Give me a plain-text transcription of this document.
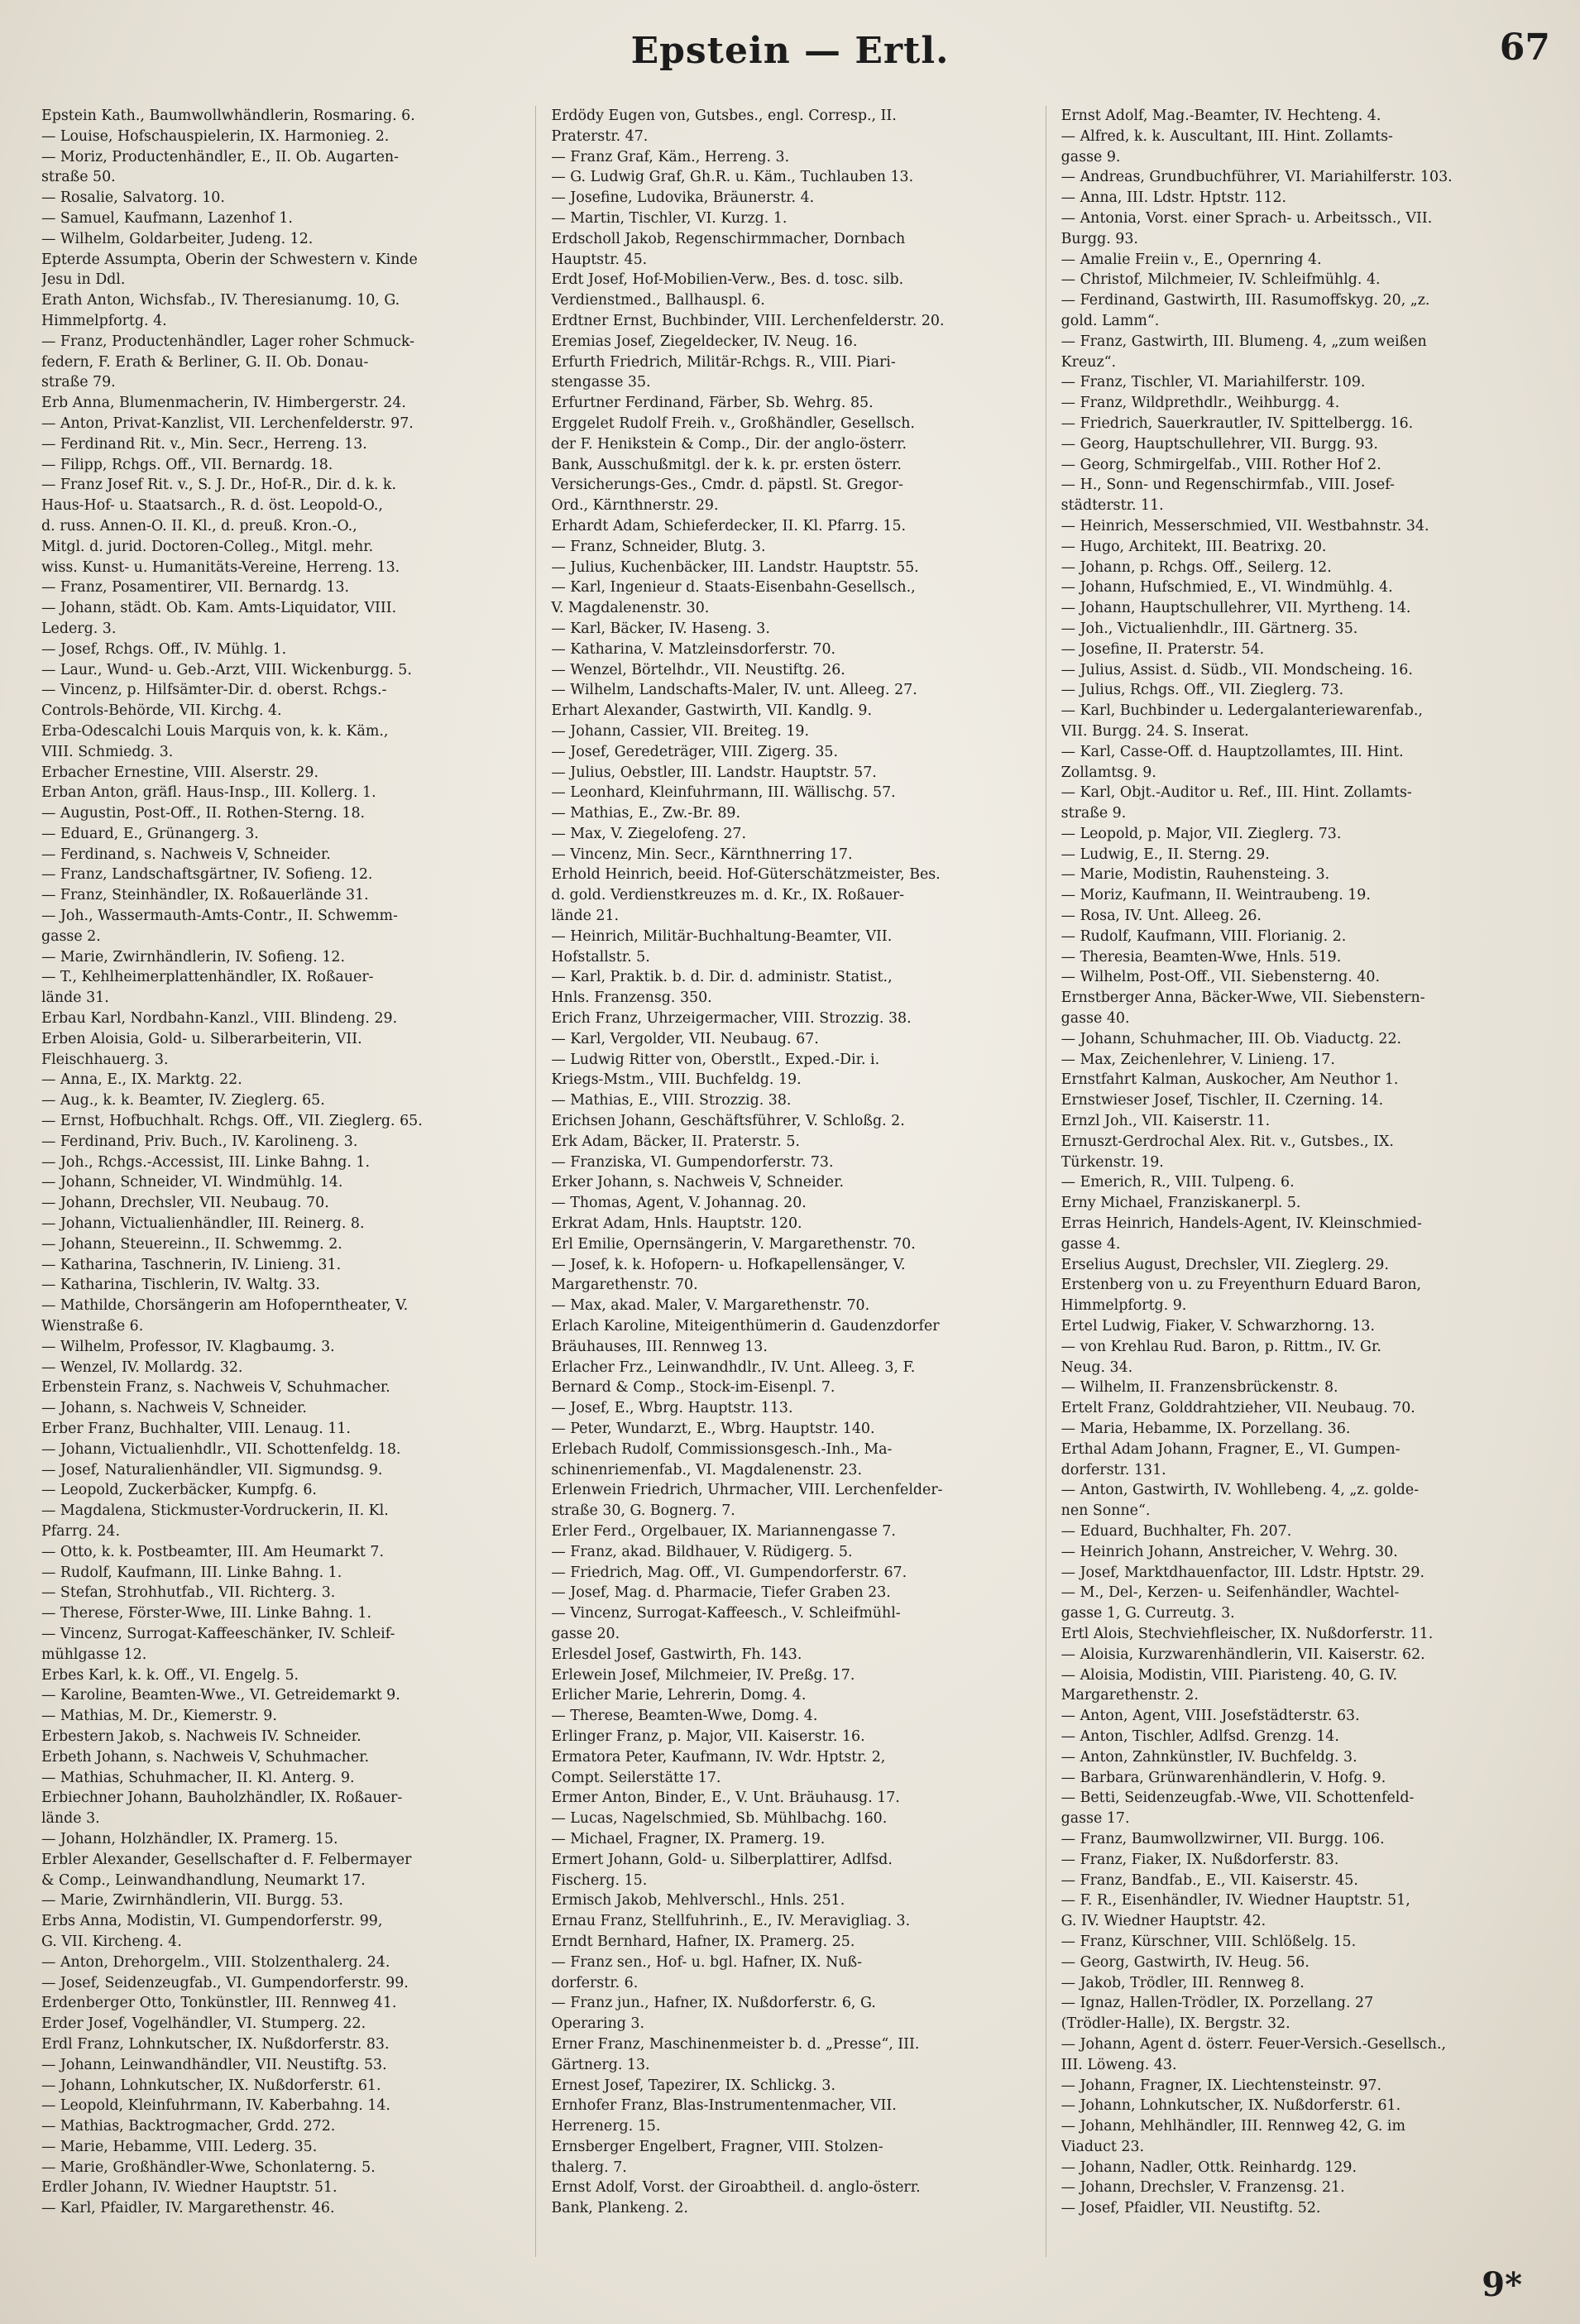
Epstein — Ertl.	67
Epstein Kath., Baumwollwhändlerin, Rosmaring. 6.
— Louise, Hofschauspielerin, IX. Harmonieg. 2.
— Moriz, Productenhändler, E., II. Ob. Augarten-
straße 50.
— Rosalie, Salvatorg. 10.
— Samuel, Kaufmann, Lazenhof 1.
— Wilhelm, Goldarbeiter, Judeng. 12.
Epterde Assumpta, Oberin der Schwestern v. Kinde
Jesu in Ddl.
Erath Anton, Wichsfab., IV. Theresianumg. 10, G.
Himmelpfortg. 4.
— Franz, Productenhändler, Lager roher Schmuck-
federn, F. Erath & Berliner, G. II. Ob. Donau-
straße 79.
Erb Anna, Blumenmacherin, IV. Himbergerstr. 24.
— Anton, Privat-Kanzlist, VII. Lerchenfelderstr. 97.
— Ferdinand Rit. v., Min. Secr., Herreng. 13.
— Filipp, Rchgs. Off., VII. Bernardg. 18.
— Franz Josef Rit. v., S. J. Dr., Hof-R., Dir. d. k. k.
Haus-Hof- u. Staatsarch., R. d. öst. Leopold-O.,
d. russ. Annen-O. II. Kl., d. preuß. Kron.-O.,
Mitgl. d. jurid. Doctoren-Colleg., Mitgl. mehr.
wiss. Kunst- u. Humanitäts-Vereine, Herreng. 13.
— Franz, Posamentirer, VII. Bernardg. 13.
— Johann, städt. Ob. Kam. Amts-Liquidator, VIII.
Lederg. 3.
— Josef, Rchgs. Off., IV. Mühlg. 1.
— Laur., Wund- u. Geb.-Arzt, VIII. Wickenburgg. 5.
— Vincenz, p. Hilfsämter-Dir. d. oberst. Rchgs.-
Controls-Behörde, VII. Kirchg. 4.
Erba-Odescalchi Louis Marquis von, k. k. Käm.,
VIII. Schmiedg. 3.
Erbacher Ernestine, VIII. Alserstr. 29.
Erban Anton, gräfl. Haus-Insp., III. Kollerg. 1.
— Augustin, Post-Off., II. Rothen-Sterng. 18.
— Eduard, E., Grünangerg. 3.
— Ferdinand, s. Nachweis V, Schneider.
— Franz, Landschaftsgärtner, IV. Sofieng. 12.
— Franz, Steinhändler, IX. Roßauerlände 31.
— Joh., Wassermauth-Amts-Contr., II. Schwemm-
gasse 2.
— Marie, Zwirnhändlerin, IV. Sofieng. 12.
— T., Kehlheimerplattenhändler, IX. Roßauer-
lände 31.
Erbau Karl, Nordbahn-Kanzl., VIII. Blindeng. 29.
Erben Aloisia, Gold- u. Silberarbeiterin, VII.
Fleischhauerg. 3.
— Anna, E., IX. Marktg. 22.
— Aug., k. k. Beamter, IV. Zieglerg. 65.
— Ernst, Hofbuchhalt. Rchgs. Off., VII. Zieglerg. 65.
— Ferdinand, Priv. Buch., IV. Karolineng. 3.
— Joh., Rchgs.-Accessist, III. Linke Bahng. 1.
— Johann, Schneider, VI. Windmühlg. 14.
— Johann, Drechsler, VII. Neubaug. 70.
— Johann, Victualienhändler, III. Reinerg. 8.
— Johann, Steuereinn., II. Schwemmg. 2.
— Katharina, Taschnerin, IV. Linieng. 31.
— Katharina, Tischlerin, IV. Waltg. 33.
— Mathilde, Chorsängerin am Hofoperntheater, V.
Wienstraße 6.
— Wilhelm, Professor, IV. Klagbaumg. 3.
— Wenzel, IV. Mollardg. 32.
Erbenstein Franz, s. Nachweis V, Schuhmacher.
— Johann, s. Nachweis V, Schneider.
Erber Franz, Buchhalter, VIII. Lenaug. 11.
— Johann, Victualienhdlr., VII. Schottenfeldg. 18.
— Josef, Naturalienhändler, VII. Sigmundsg. 9.
— Leopold, Zuckerbäcker, Kumpfg. 6.
— Magdalena, Stickmuster-Vordruckerin, II. Kl.
Pfarrg. 24.
— Otto, k. k. Postbeamter, III. Am Heumarkt 7.
— Rudolf, Kaufmann, III. Linke Bahng. 1.
— Stefan, Strohhutfab., VII. Richterg. 3.
— Therese, Förster-Wwe, III. Linke Bahng. 1.
— Vincenz, Surrogat-Kaffeeschänker, IV. Schleif-
mühlgasse 12.
Erbes Karl, k. k. Off., VI. Engelg. 5.
— Karoline, Beamten-Wwe., VI. Getreidemarkt 9.
— Mathias, M. Dr., Kiemerstr. 9.
Erbestern Jakob, s. Nachweis IV. Schneider.
Erbeth Johann, s. Nachweis V, Schuhmacher.
— Mathias, Schuhmacher, II. Kl. Anterg. 9.
Erbiechner Johann, Bauholzhändler, IX. Roßauer-
lände 3.
— Johann, Holzhändler, IX. Pramerg. 15.
Erbler Alexander, Gesellschafter d. F. Felbermayer
& Comp., Leinwandhandlung, Neumarkt 17.
— Marie, Zwirnhändlerin, VII. Burgg. 53.
Erbs Anna, Modistin, VI. Gumpendorferstr. 99,
G. VII. Kircheng. 4.
— Anton, Drehorgelm., VIII. Stolzenthalerg. 24.
— Josef, Seidenzeugfab., VI. Gumpendorferstr. 99.
Erdenberger Otto, Tonkünstler, III. Rennweg 41.
Erder Josef, Vogelhändler, VI. Stumperg. 22.
Erdl Franz, Lohnkutscher, IX. Nußdorferstr. 83.
— Johann, Leinwandhändler, VII. Neustiftg. 53.
— Johann, Lohnkutscher, IX. Nußdorferstr. 61.
— Leopold, Kleinfuhrmann, IV. Kaberbahng. 14.
— Mathias, Backtrogmacher, Grdd. 272.
— Marie, Hebamme, VIII. Lederg. 35.
— Marie, Großhändler-Wwe, Schonlaterng. 5.
Erdler Johann, IV. Wiedner Hauptstr. 51.
— Karl, Pfaidler, IV. Margarethenstr. 46.
Erdödy Eugen von, Gutsbes., engl. Corresp., II.
Praterstr. 47.
— Franz Graf, Käm., Herreng. 3.
— G. Ludwig Graf, Gh.R. u. Käm., Tuchlauben 13.
— Josefine, Ludovika, Bräunerstr. 4.
— Martin, Tischler, VI. Kurzg. 1.
Erdscholl Jakob, Regenschirmmacher, Dornbach
Hauptstr. 45.
Erdt Josef, Hof-Mobilien-Verw., Bes. d. tosc. silb.
Verdienstmed., Ballhauspl. 6.
Erdtner Ernst, Buchbinder, VIII. Lerchenfelderstr. 20.
Eremias Josef, Ziegeldecker, IV. Neug. 16.
Erfurth Friedrich, Militär-Rchgs. R., VIII. Piari-
stengasse 35.
Erfurtner Ferdinand, Färber, Sb. Wehrg. 85.
Erggelet Rudolf Freih. v., Großhändler, Gesellsch.
der F. Henikstein & Comp., Dir. der anglo-österr.
Bank, Ausschußmitgl. der k. k. pr. ersten österr.
Versicherungs-Ges., Cmdr. d. päpstl. St. Gregor-
Ord., Kärnthnerstr. 29.
Erhardt Adam, Schieferdecker, II. Kl. Pfarrg. 15.
— Franz, Schneider, Blutg. 3.
— Julius, Kuchenbäcker, III. Landstr. Hauptstr. 55.
— Karl, Ingenieur d. Staats-Eisenbahn-Gesellsch.,
V. Magdalenenstr. 30.
— Karl, Bäcker, IV. Haseng. 3.
— Katharina, V. Matzleinsdorferstr. 70.
— Wenzel, Börtelhdr., VII. Neustiftg. 26.
— Wilhelm, Landschafts-Maler, IV. unt. Alleeg. 27.
Erhart Alexander, Gastwirth, VII. Kandlg. 9.
— Johann, Cassier, VII. Breiteg. 19.
— Josef, Geredeträger, VIII. Zigerg. 35.
— Julius, Oebstler, III. Landstr. Hauptstr. 57.
— Leonhard, Kleinfuhrmann, III. Wällischg. 57.
— Mathias, E., Zw.-Br. 89.
— Max, V. Ziegelofeng. 27.
— Vincenz, Min. Secr., Kärnthnerring 17.
Erhold Heinrich, beeid. Hof-Güterschätzmeister, Bes.
d. gold. Verdienstkreuzes m. d. Kr., IX. Roßauer-
lände 21.
— Heinrich, Militär-Buchhaltung-Beamter, VII.
Hofstallstr. 5.
— Karl, Praktik. b. d. Dir. d. administr. Statist.,
Hnls. Franzensg. 350.
Erich Franz, Uhrzeigermacher, VIII. Strozzig. 38.
— Karl, Vergolder, VII. Neubaug. 67.
— Ludwig Ritter von, Oberstlt., Exped.-Dir. i.
Kriegs-Mstm., VIII. Buchfeldg. 19.
— Mathias, E., VIII. Strozzig. 38.
Erichsen Johann, Geschäftsführer, V. Schloßg. 2.
Erk Adam, Bäcker, II. Praterstr. 5.
— Franziska, VI. Gumpendorferstr. 73.
Erker Johann, s. Nachweis V, Schneider.
— Thomas, Agent, V. Johannag. 20.
Erkrat Adam, Hnls. Hauptstr. 120.
Erl Emilie, Opernsängerin, V. Margarethenstr. 70.
— Josef, k. k. Hofopern- u. Hofkapellensänger, V.
Margarethenstr. 70.
— Max, akad. Maler, V. Margarethenstr. 70.
Erlach Karoline, Miteigenthümerin d. Gaudenzdorfer
Bräuhauses, III. Rennweg 13.
Erlacher Frz., Leinwandhdlr., IV. Unt. Alleeg. 3, F.
Bernard & Comp., Stock-im-Eisenpl. 7.
— Josef, E., Wbrg. Hauptstr. 113.
— Peter, Wundarzt, E., Wbrg. Hauptstr. 140.
Erlebach Rudolf, Commissionsgesch.-Inh., Ma-
schinenriemenfab., VI. Magdalenenstr. 23.
Erlenwein Friedrich, Uhrmacher, VIII. Lerchenfelder-
straße 30, G. Bognerg. 7.
Erler Ferd., Orgelbauer, IX. Mariannengasse 7.
— Franz, akad. Bildhauer, V. Rüdigerg. 5.
— Friedrich, Mag. Off., VI. Gumpendorferstr. 67.
— Josef, Mag. d. Pharmacie, Tiefer Graben 23.
— Vincenz, Surrogat-Kaffeesch., V. Schleifmühl-
gasse 20.
Erlesdel Josef, Gastwirth, Fh. 143.
Erlewein Josef, Milchmeier, IV. Preßg. 17.
Erlicher Marie, Lehrerin, Domg. 4.
— Therese, Beamten-Wwe, Domg. 4.
Erlinger Franz, p. Major, VII. Kaiserstr. 16.
Ermatora Peter, Kaufmann, IV. Wdr. Hptstr. 2,
Compt. Seilerstätte 17.
Ermer Anton, Binder, E., V. Unt. Bräuhausg. 17.
— Lucas, Nagelschmied, Sb. Mühlbachg. 160.
— Michael, Fragner, IX. Pramerg. 19.
Ermert Johann, Gold- u. Silberplattirer, Adlfsd.
Fischerg. 15.
Ermisch Jakob, Mehlverschl., Hnls. 251.
Ernau Franz, Stellfuhrinh., E., IV. Meravigliag. 3.
Erndt Bernhard, Hafner, IX. Pramerg. 25.
— Franz sen., Hof- u. bgl. Hafner, IX. Nuß-
dorferstr. 6.
— Franz jun., Hafner, IX. Nußdorferstr. 6, G.
Operaring 3.
Erner Franz, Maschinenmeister b. d. „Presse“, III.
Gärtnerg. 13.
Ernest Josef, Tapezirer, IX. Schlickg. 3.
Ernhofer Franz, Blas-Instrumentenmacher, VII.
Herrenerg. 15.
Ernsberger Engelbert, Fragner, VIII. Stolzen-
thalerg. 7.
Ernst Adolf, Vorst. der Giroabtheil. d. anglo-österr.
Bank, Plankeng. 2.
Ernst Adolf, Mag.-Beamter, IV. Hechteng. 4.
— Alfred, k. k. Auscultant, III. Hint. Zollamts-
gasse 9.
— Andreas, Grundbuchführer, VI. Mariahilferstr. 103.
— Anna, III. Ldstr. Hptstr. 112.
— Antonia, Vorst. einer Sprach- u. Arbeitssch., VII.
Burgg. 93.
— Amalie Freiin v., E., Opernring 4.
— Christof, Milchmeier, IV. Schleifmühlg. 4.
— Ferdinand, Gastwirth, III. Rasumoffskyg. 20, „z.
gold. Lamm“.
— Franz, Gastwirth, III. Blumeng. 4, „zum weißen
Kreuz“.
— Franz, Tischler, VI. Mariahilferstr. 109.
— Franz, Wildprethdlr., Weihburgg. 4.
— Friedrich, Sauerkrautler, IV. Spittelbergg. 16.
— Georg, Hauptschullehrer, VII. Burgg. 93.
— Georg, Schmirgelfab., VIII. Rother Hof 2.
— H., Sonn- und Regenschirmfab., VIII. Josef-
städterstr. 11.
— Heinrich, Messerschmied, VII. Westbahnstr. 34.
— Hugo, Architekt, III. Beatrixg. 20.
— Johann, p. Rchgs. Off., Seilerg. 12.
— Johann, Hufschmied, E., VI. Windmühlg. 4.
— Johann, Hauptschullehrer, VII. Myrtheng. 14.
— Joh., Victualienhdlr., III. Gärtnerg. 35.
— Josefine, II. Praterstr. 54.
— Julius, Assist. d. Südb., VII. Mondscheing. 16.
— Julius, Rchgs. Off., VII. Zieglerg. 73.
— Karl, Buchbinder u. Ledergalanteriewarenfab.,
VII. Burgg. 24. S. Inserat.
— Karl, Casse-Off. d. Hauptzollamtes, III. Hint.
Zollamtsg. 9.
— Karl, Objt.-Auditor u. Ref., III. Hint. Zollamts-
straße 9.
— Leopold, p. Major, VII. Zieglerg. 73.
— Ludwig, E., II. Sterng. 29.
— Marie, Modistin, Rauhensteing. 3.
— Moriz, Kaufmann, II. Weintraubeng. 19.
— Rosa, IV. Unt. Alleeg. 26.
— Rudolf, Kaufmann, VIII. Florianig. 2.
— Theresia, Beamten-Wwe, Hnls. 519.
— Wilhelm, Post-Off., VII. Siebensterng. 40.
Ernstberger Anna, Bäcker-Wwe, VII. Siebenstern-
gasse 40.
— Johann, Schuhmacher, III. Ob. Viaductg. 22.
— Max, Zeichenlehrer, V. Linieng. 17.
Ernstfahrt Kalman, Auskocher, Am Neuthor 1.
Ernstwieser Josef, Tischler, II. Czerning. 14.
Ernzl Joh., VII. Kaiserstr. 11.
Ernuszt-Gerdrochal Alex. Rit. v., Gutsbes., IX.
Türkenstr. 19.
— Emerich, R., VIII. Tulpeng. 6.
Erny Michael, Franziskanerpl. 5.
Erras Heinrich, Handels-Agent, IV. Kleinschmied-
gasse 4.
Erselius August, Drechsler, VII. Zieglerg. 29.
Erstenberg von u. zu Freyenthurn Eduard Baron,
Himmelpfortg. 9.
Ertel Ludwig, Fiaker, V. Schwarzhorng. 13.
— von Krehlau Rud. Baron, p. Rittm., IV. Gr.
Neug. 34.
— Wilhelm, II. Franzensbrückenstr. 8.
Ertelt Franz, Golddrahtzieher, VII. Neubaug. 70.
— Maria, Hebamme, IX. Porzellang. 36.
Erthal Adam Johann, Fragner, E., VI. Gumpen-
dorferstr. 131.
— Anton, Gastwirth, IV. Wohllebeng. 4, „z. golde-
nen Sonne“.
— Eduard, Buchhalter, Fh. 207.
— Heinrich Johann, Anstreicher, V. Wehrg. 30.
— Josef, Marktdhauenfactor, III. Ldstr. Hptstr. 29.
— M., Del-, Kerzen- u. Seifenhändler, Wachtel-
gasse 1, G. Curreutg. 3.
Ertl Alois, Stechviehfleischer, IX. Nußdorferstr. 11.
— Aloisia, Kurzwarenhändlerin, VII. Kaiserstr. 62.
— Aloisia, Modistin, VIII. Piaristeng. 40, G. IV.
Margarethenstr. 2.
— Anton, Agent, VIII. Josefstädterstr. 63.
— Anton, Tischler, Adlfsd. Grenzg. 14.
— Anton, Zahnkünstler, IV. Buchfeldg. 3.
— Barbara, Grünwarenhändlerin, V. Hofg. 9.
— Betti, Seidenzeugfab.-Wwe, VII. Schottenfeld-
gasse 17.
— Franz, Baumwollzwirner, VII. Burgg. 106.
— Franz, Fiaker, IX. Nußdorferstr. 83.
— Franz, Bandfab., E., VII. Kaiserstr. 45.
— F. R., Eisenhändler, IV. Wiedner Hauptstr. 51,
G. IV. Wiedner Hauptstr. 42.
— Franz, Kürschner, VIII. Schlößelg. 15.
— Georg, Gastwirth, IV. Heug. 56.
— Jakob, Trödler, III. Rennweg 8.
— Ignaz, Hallen-Trödler, IX. Porzellang. 27
(Trödler-Halle), IX. Bergstr. 32.
— Johann, Agent d. österr. Feuer-Versich.-Gesellsch.,
III. Löweng. 43.
— Johann, Fragner, IX. Liechtensteinstr. 97.
— Johann, Lohnkutscher, IX. Nußdorferstr. 61.
— Johann, Mehlhändler, III. Rennweg 42, G. im
Viaduct 23.
— Johann, Nadler, Ottk. Reinhardg. 129.
— Johann, Drechsler, V. Franzensg. 21.
— Josef, Pfaidler, VII. Neustiftg. 52.
9*
